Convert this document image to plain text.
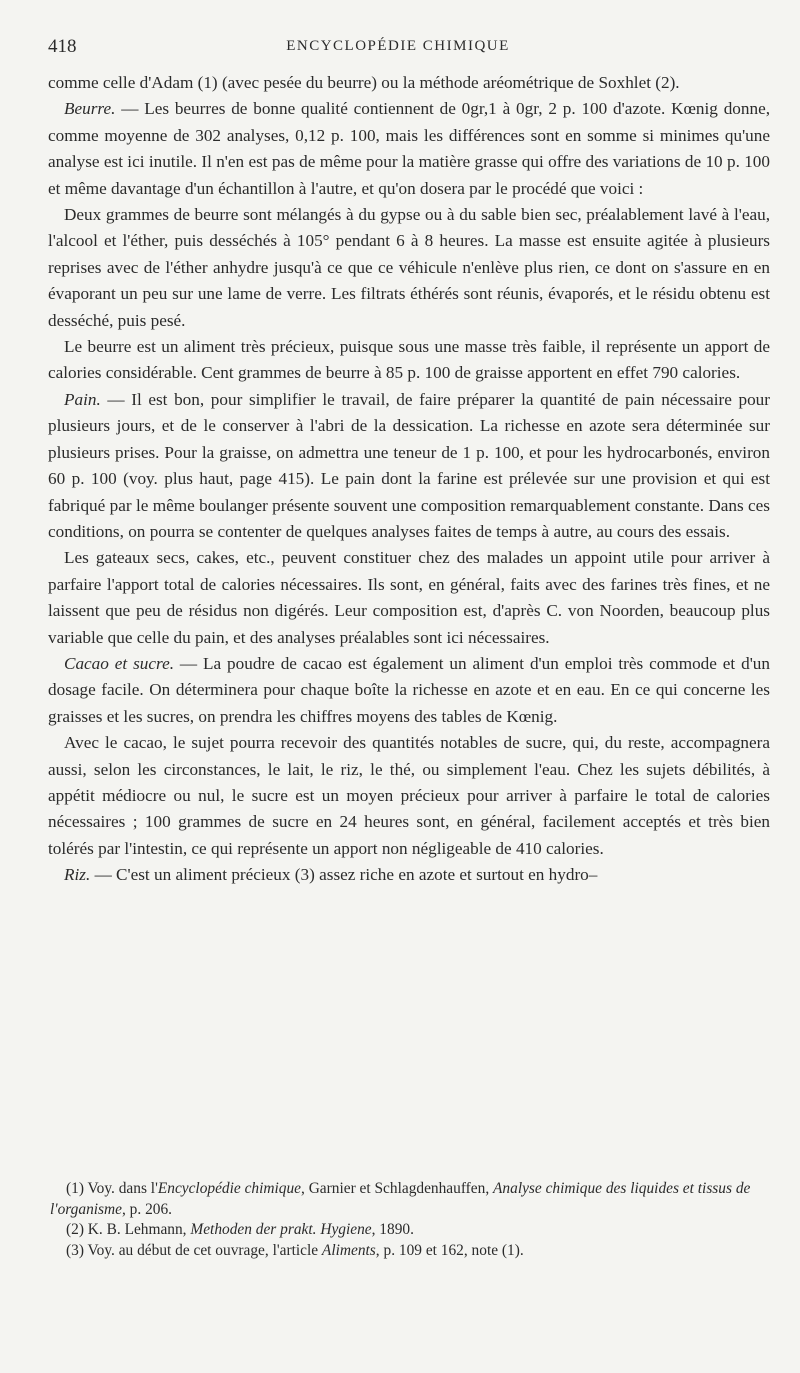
418	ENCYCLOPÉDIE CHIMIQUE

comme celle d'Adam (1) (avec pesée du beurre) ou la méthode aréométrique de Soxhlet (2).

Beurre. — Les beurres de bonne qualité contiennent de 0gr,1 à 0gr, 2 p. 100 d'azote. Kœnig donne, comme moyenne de 302 analyses, 0,12 p. 100, mais les différences sont en somme si minimes qu'une analyse est ici inutile. Il n'en est pas de même pour la matière grasse qui offre des variations de 10 p. 100 et même davantage d'un échantillon à l'autre, et qu'on dosera par le procédé que voici :

Deux grammes de beurre sont mélangés à du gypse ou à du sable bien sec, préalablement lavé à l'eau, l'alcool et l'éther, puis desséchés à 105° pendant 6 à 8 heures. La masse est ensuite agitée à plusieurs reprises avec de l'éther anhydre jusqu'à ce que ce véhicule n'enlève plus rien, ce dont on s'assure en en évaporant un peu sur une lame de verre. Les filtrats éthérés sont réunis, évaporés, et le résidu obtenu est desséché, puis pesé.

Le beurre est un aliment très précieux, puisque sous une masse très faible, il représente un apport de calories considérable. Cent grammes de beurre à 85 p. 100 de graisse apportent en effet 790 calories.

Pain. — Il est bon, pour simplifier le travail, de faire préparer la quantité de pain nécessaire pour plusieurs jours, et de le conserver à l'abri de la dessication. La richesse en azote sera déterminée sur plusieurs prises. Pour la graisse, on admettra une teneur de 1 p. 100, et pour les hydrocarbonés, environ 60 p. 100 (voy. plus haut, page 415). Le pain dont la farine est prélevée sur une provision et qui est fabriqué par le même boulanger présente souvent une composition remarquablement constante. Dans ces conditions, on pourra se contenter de quelques analyses faites de temps à autre, au cours des essais.

Les gateaux secs, cakes, etc., peuvent constituer chez des malades un appoint utile pour arriver à parfaire l'apport total de calories nécessaires. Ils sont, en général, faits avec des farines très fines, et ne laissent que peu de résidus non digérés. Leur composition est, d'après C. von Noorden, beaucoup plus variable que celle du pain, et des analyses préalables sont ici nécessaires.

Cacao et sucre. — La poudre de cacao est également un aliment d'un emploi très commode et d'un dosage facile. On déterminera pour chaque boîte la richesse en azote et en eau. En ce qui concerne les graisses et les sucres, on prendra les chiffres moyens des tables de Kœnig.

Avec le cacao, le sujet pourra recevoir des quantités notables de sucre, qui, du reste, accompagnera aussi, selon les circonstances, le lait, le riz, le thé, ou simplement l'eau. Chez les sujets débilités, à appétit médiocre ou nul, le sucre est un moyen précieux pour arriver à parfaire le total de calories nécessaires ; 100 grammes de sucre en 24 heures sont, en général, facilement acceptés et très bien tolérés par l'intestin, ce qui représente un apport non négligeable de 410 calories.

Riz. — C'est un aliment précieux (3) assez riche en azote et surtout en hydro–

(1) Voy. dans l'Encyclopédie chimique, Garnier et Schlagdenhauffen, Analyse chimique des liquides et tissus de l'organisme, p. 206.

(2) K. B. Lehmann, Methoden der prakt. Hygiene, 1890.

(3) Voy. au début de cet ouvrage, l'article Aliments, p. 109 et 162, note (1).
